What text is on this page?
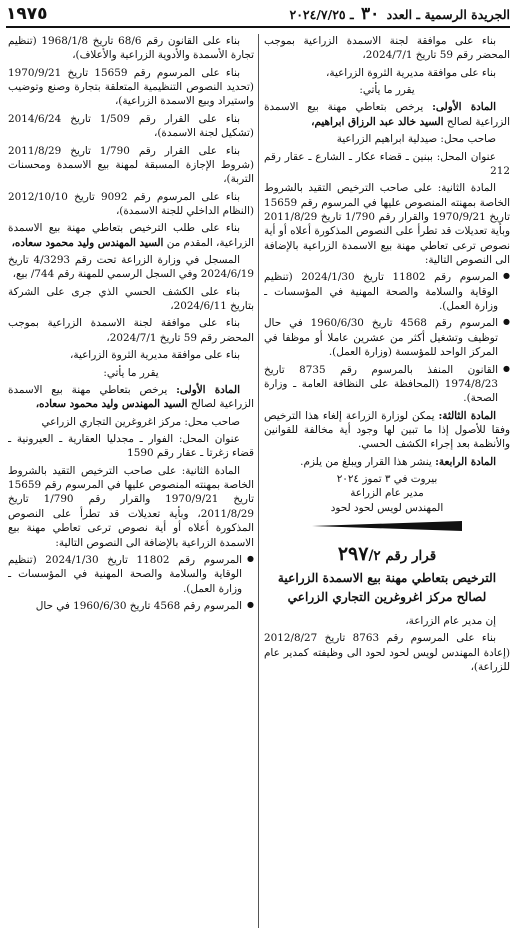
الجريدة الرسمية ـ العدد ٣٠ ـ ٢٠٢٤/٧/٢٥
١٩٧٥

بناء على موافقة لجنة الاسمدة الزراعية بموجب المحضر رقم 59 تاريخ 2024/7/1،

بناء على موافقة مديرية الثروة الزراعية،

يقرر ما يأتي:

المادة الأولى: يرخص بتعاطي مهنة بيع الاسمدة الزراعية لصالح السيد خالد عبد الرزاق ابراهيم،

صاحب محل: صيدلية ابراهيم الزراعية

عنوان المحل: ببنين ـ قضاء عكار ـ الشارع ـ عقار رقم 212

المادة الثانية: على صاحب الترخيص التقيد بالشروط الخاصة بمهنته المنصوص عليها في المرسوم رقم 15659 تاريخ 1970/9/21 والقرار رقم 1/790 تاريخ 2011/8/29 وبأية تعديلات قد تطرأ على النصوص المذكورة أعلاه أو أية نصوص ترعى تعاطي مهنة بيع الاسمدة الزراعية بالإضافة الى النصوص التالية:

● المرسوم رقم 11802 تاريخ 2024/1/30 (تنظيم الوقاية والسلامة والصحة المهنية في المؤسسات ـ وزارة العمل).

● المرسوم رقم 4568 تاريخ 1960/6/30 في حال توظيف وتشغيل أكثر من عشرين عاملا أو موظفا في المركز الواحد للمؤسسة (وزارة العمل).

● القانون المنفذ بالمرسوم رقم 8735 تاريخ 1974/8/23 (المحافظة على النظافة العامة ـ وزارة الصحة).

المادة الثالثة: يمكن لوزارة الزراعة إلغاء هذا الترخيص وفقا للأصول إذا ما تبين لها وجود أية مخالفة للقوانين والأنظمة بعد إجراء الكشف الحسي.

المادة الرابعة: ينشر هذا القرار ويبلغ من يلزم.

بيروت في ٣ تموز ٢٠٢٤

مدير عام الزراعة

المهندس لويس لحود لحود

قرار رقم ٢٩٧/٢

الترخيص بتعاطي مهنة بيع الاسمدة الزراعية لصالح مركز اغروغرين التجاري الزراعي

إن مدير عام الزراعة،

بناء على المرسوم رقم 8763 تاريخ 2012/8/27 (إعادة المهندس لويس لحود لحود الى وظيفته كمدير عام للزراعة)،

بناء على القانون رقم 68/6 تاريخ 1968/1/8 (تنظيم تجارة الأسمدة والأدوية الزراعية والأعلاف)،

بناء على المرسوم رقم 15659 تاريخ 1970/9/21 (تحديد النصوص التنظيمية المتعلقة بتجارة وصنع وتوضيب واستيراد وبيع الاسمدة الزراعية)،

بناء على القرار رقم 1/509 تاريخ 2014/6/24 (تشكيل لجنة الاسمدة)،

بناء على القرار رقم 1/790 تاريخ 2011/8/29 (شروط الإجازة المسبقة لمهنة بيع الاسمدة ومحسنات التربة)،

بناء على المرسوم رقم 9092 تاريخ 2012/10/10 (النظام الداخلي للجنة الاسمدة)،

بناء على طلب الترخيص بتعاطي مهنة بيع الاسمدة الزراعية، المقدم من السيد المهندس وليد محمود سعاده،

المسجل في وزارة الزراعة تحت رقم 4/3293 تاريخ 2024/6/19 وفي السجل الرسمي للمهنة رقم 744/ بيع،

بناء على الكشف الحسي الذي جرى على الشركة بتاريخ 2024/6/11،

بناء على موافقة لجنة الاسمدة الزراعية بموجب المحضر رقم 59 تاريخ 2024/7/1،

بناء على موافقة مديرية الثروة الزراعية،

يقرر ما يأتي:

المادة الأولى: يرخص بتعاطي مهنة بيع الاسمدة الزراعية لصالح السيد المهندس وليد محمود سعاده،

صاحب محل: مركز اغروغرين التجاري الزراعي

عنوان المحل: الفوار ـ مجدليا العقارية ـ العيرونية ـ قضاء زغرتا ـ عقار رقم 1590

المادة الثانية: على صاحب الترخيص التقيد بالشروط الخاصة بمهنته المنصوص عليها في المرسوم رقم 15659 تاريخ 1970/9/21 والقرار رقم 1/790 تاريخ 2011/8/29، وبأية تعديلات قد تطرأ على النصوص المذكورة أعلاه أو أية نصوص ترعى تعاطي مهنة بيع الاسمدة الزراعية بالإضافة الى النصوص التالية:

● المرسوم رقم 11802 تاريخ 2024/1/30 (تنظيم الوقاية والسلامة والصحة المهنية في المؤسسات ـ وزارة العمل).

● المرسوم رقم 4568 تاريخ 1960/6/30 في حال
